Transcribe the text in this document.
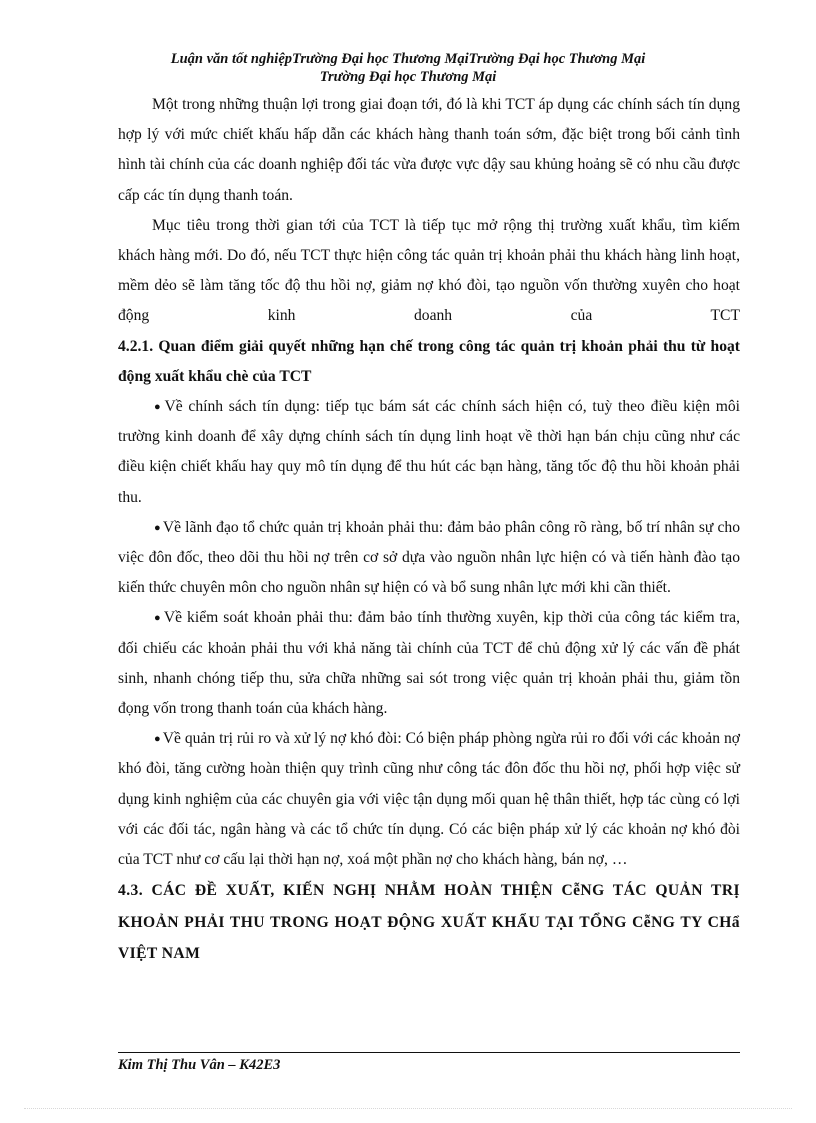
Luận văn tốt nghiệpTrường Đại học Thương MạiTrường Đại học Thương Mại
Trường Đại học Thương Mại

Một trong những thuận lợi trong giai đoạn tới, đó là khi TCT áp dụng các chính sách tín dụng hợp lý với mức chiết khấu hấp dẫn các khách hàng thanh toán sớm, đặc biệt trong bối cảnh tình hình tài chính của các doanh nghiệp đối tác vừa được vực dậy sau khủng hoảng sẽ có nhu cầu được cấp các tín dụng thanh toán.

Mục tiêu trong thời gian tới của TCT là tiếp tục mở rộng thị trường xuất khẩu, tìm kiếm khách hàng mới. Do đó, nếu TCT thực hiện công tác quản trị khoản phải thu khách hàng linh hoạt, mềm dẻo sẽ làm tăng tốc độ thu hồi nợ, giảm nợ khó đòi, tạo nguồn vốn thường xuyên cho hoạt động kinh doanh của TCT

4.2.1. Quan điểm giải quyết những hạn chế trong công tác quản trị khoản phải thu từ hoạt động xuất khẩu chè của TCT

● Về chính sách tín dụng: tiếp tục bám sát các chính sách hiện có, tuỳ theo điều kiện môi trường kinh doanh để xây dựng chính sách tín dụng linh hoạt về thời hạn bán chịu cũng như các điều kiện chiết khấu hay quy mô tín dụng để thu hút các bạn hàng, tăng tốc độ thu hồi khoản phải thu.

● Về lãnh đạo tổ chức quản trị khoản phải thu: đảm bảo phân công rõ ràng, bố trí nhân sự cho việc đôn đốc, theo dõi thu hồi nợ trên cơ sở dựa vào nguồn nhân lực hiện có và tiến hành đào tạo kiến thức chuyên môn cho nguồn nhân sự hiện có và bổ sung nhân lực mới khi cần thiết.

● Về kiểm soát khoản phải thu: đảm bảo tính thường xuyên, kịp thời của công tác kiểm tra, đối chiếu các khoản phải thu với khả năng tài chính của TCT để chủ động xử lý các vấn đề phát sinh, nhanh chóng tiếp thu, sửa chữa những sai sót trong việc quản trị khoản phải thu, giảm tồn đọng vốn trong thanh toán của khách hàng.

● Về quản trị rủi ro và xử lý nợ khó đòi: Có biện pháp phòng ngừa rủi ro đối với các khoản nợ khó đòi, tăng cường hoàn thiện quy trình cũng như công tác đôn đốc thu hồi nợ, phối hợp việc sử dụng kinh nghiệm của các chuyên gia với việc tận dụng mối quan hệ thân thiết, hợp tác cùng có lợi với các đối tác, ngân hàng và các tổ chức tín dụng. Có các biện pháp xử lý các khoản nợ khó đòi của TCT như cơ cấu lại thời hạn nợ, xoá một phần nợ cho khách hàng, bán nợ, …

4.3. CÁC ĐỀ XUẤT, KIẾN NGHỊ NHẰM HOÀN THIỆN CễNG TÁC QUẢN TRỊ KHOẢN PHẢI THU TRONG HOẠT ĐỘNG XUẤT KHẨU TẠI TỔNG CễNG TY CHẩ VIỆT NAM
Kim Thị Thu Vân – K42E3
